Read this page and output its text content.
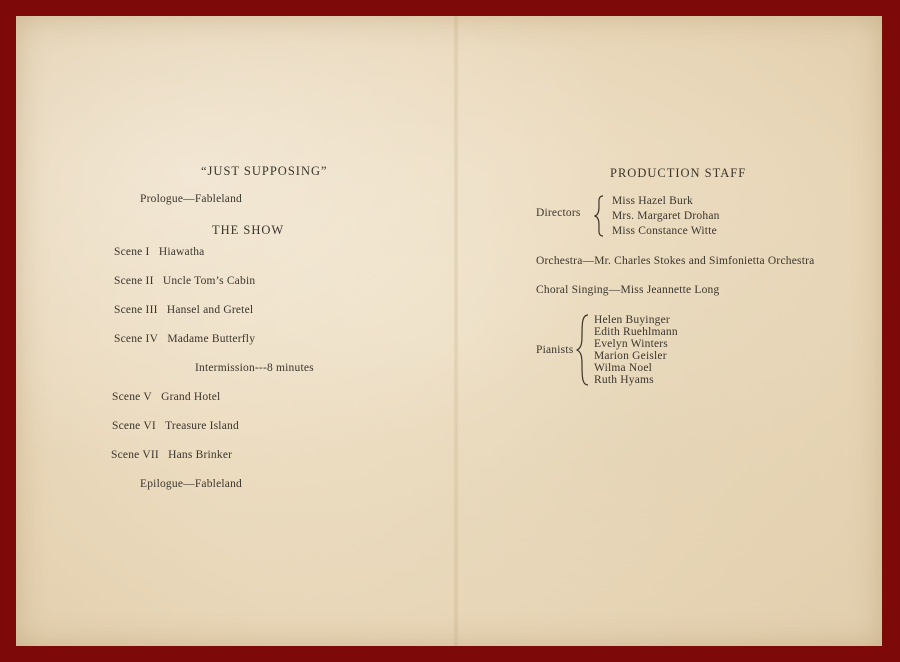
“JUST SUPPOSING”
Prologue—Fableland
THE SHOW
Scene I Hiawatha
Scene II Uncle Tom’s Cabin
Scene III Hansel and Gretel
Scene IV Madame Butterfly
Intermission---8 minutes
Scene V Grand Hotel
Scene VI Treasure Island
Scene VII Hans Brinker
Epilogue—Fableland
PRODUCTION STAFF
Directors
Miss Hazel Burk
Mrs. Margaret Drohan
Miss Constance Witte
Orchestra—Mr. Charles Stokes and Simfonietta Orchestra
Choral Singing—Miss Jeannette Long
Pianists
Helen Buyinger
Edith Ruehlmann
Evelyn Winters
Marion Geisler
Wilma Noel
Ruth Hyams
